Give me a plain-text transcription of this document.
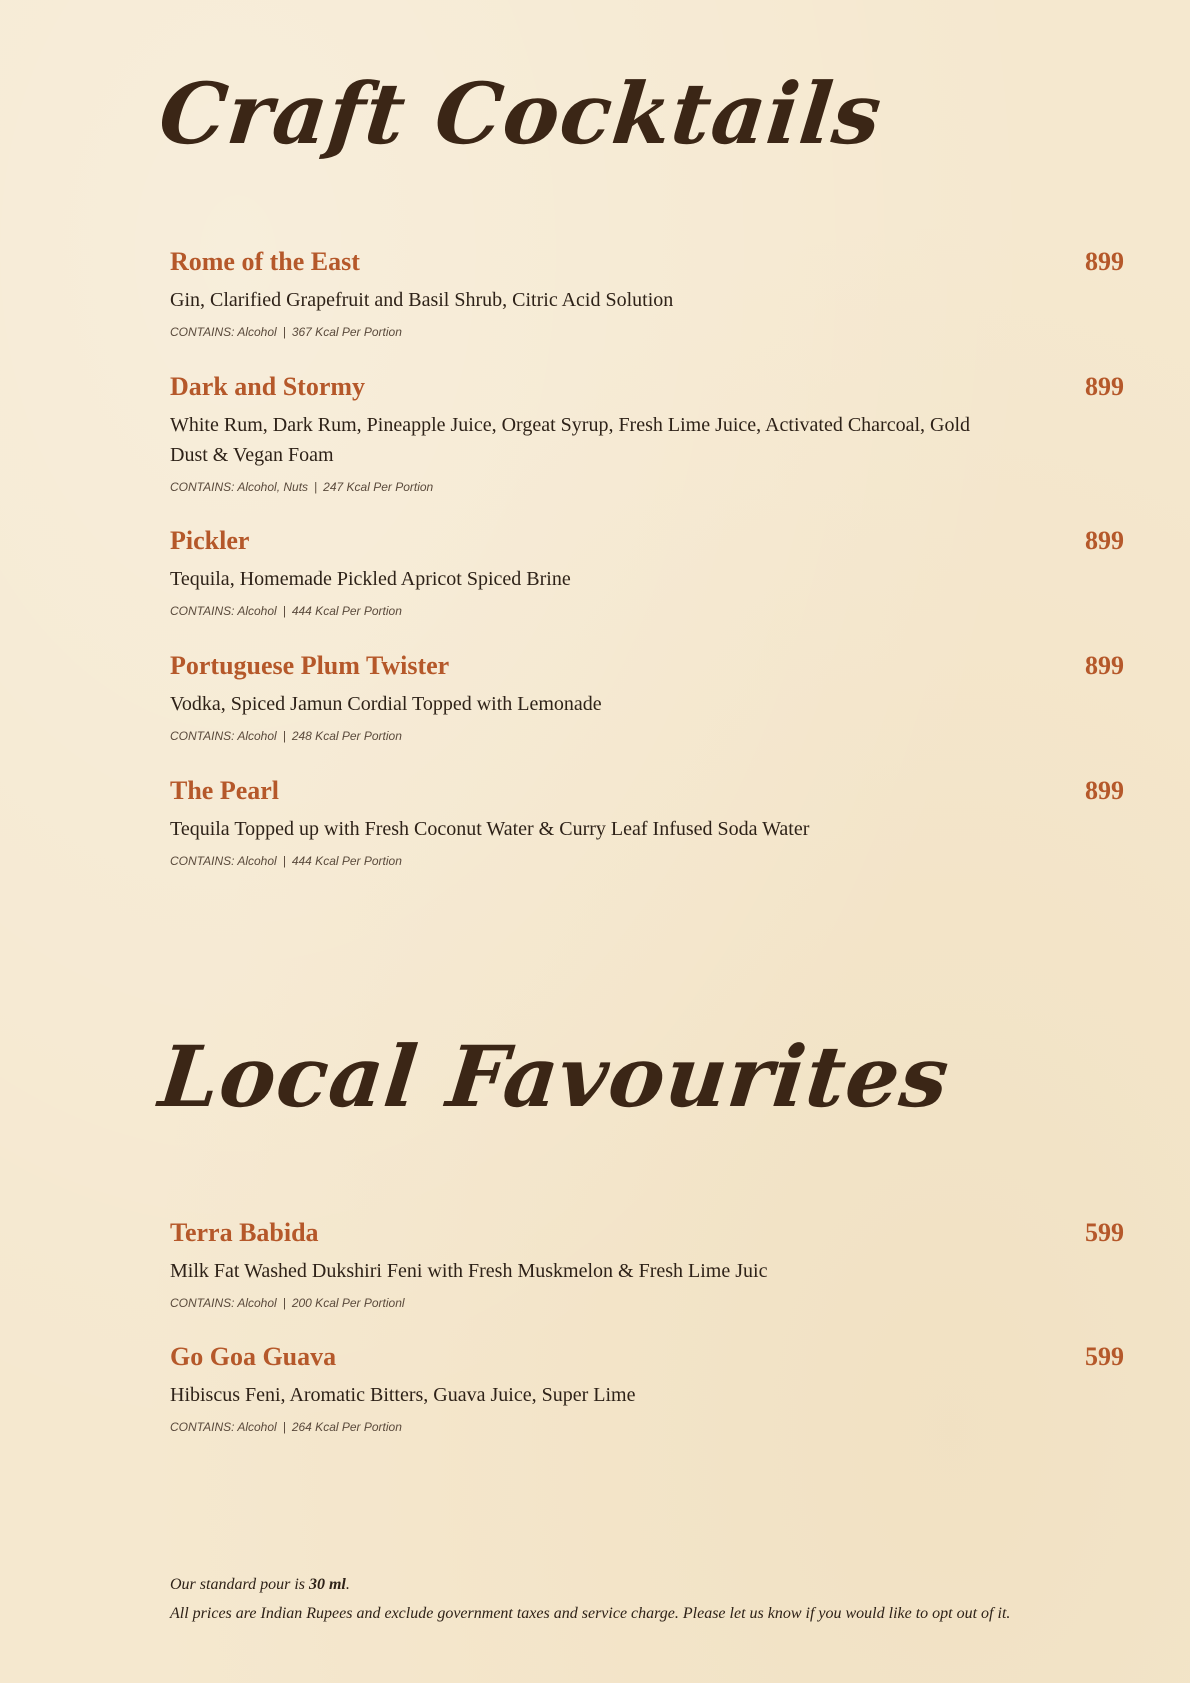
Craft Cocktails
Rome of the East	899
Gin, Clarified Grapefruit and Basil Shrub, Citric Acid Solution
CONTAINS: Alcohol | 367 Kcal Per Portion
Dark and Stormy	899
White Rum, Dark Rum, Pineapple Juice, Orgeat Syrup, Fresh Lime Juice, Activated Charcoal, Gold Dust & Vegan Foam
CONTAINS: Alcohol, Nuts | 247 Kcal Per Portion
Pickler	899
Tequila, Homemade Pickled Apricot Spiced Brine
CONTAINS: Alcohol | 444 Kcal Per Portion
Portuguese Plum Twister	899
Vodka, Spiced Jamun Cordial Topped with Lemonade
CONTAINS: Alcohol | 248 Kcal Per Portion
The Pearl	899
Tequila Topped up with Fresh Coconut Water & Curry Leaf Infused Soda Water
CONTAINS: Alcohol | 444 Kcal Per Portion
Local Favourites
Terra Babida	599
Milk Fat Washed Dukshiri Feni with Fresh Muskmelon & Fresh Lime Juic
CONTAINS: Alcohol | 200 Kcal Per Portionl
Go Goa Guava	599
Hibiscus Feni, Aromatic Bitters, Guava Juice, Super Lime
CONTAINS: Alcohol | 264 Kcal Per Portion
Our standard pour is 30 ml.
All prices are Indian Rupees and exclude government taxes and service charge. Please let us know if you would like to opt out of it.
